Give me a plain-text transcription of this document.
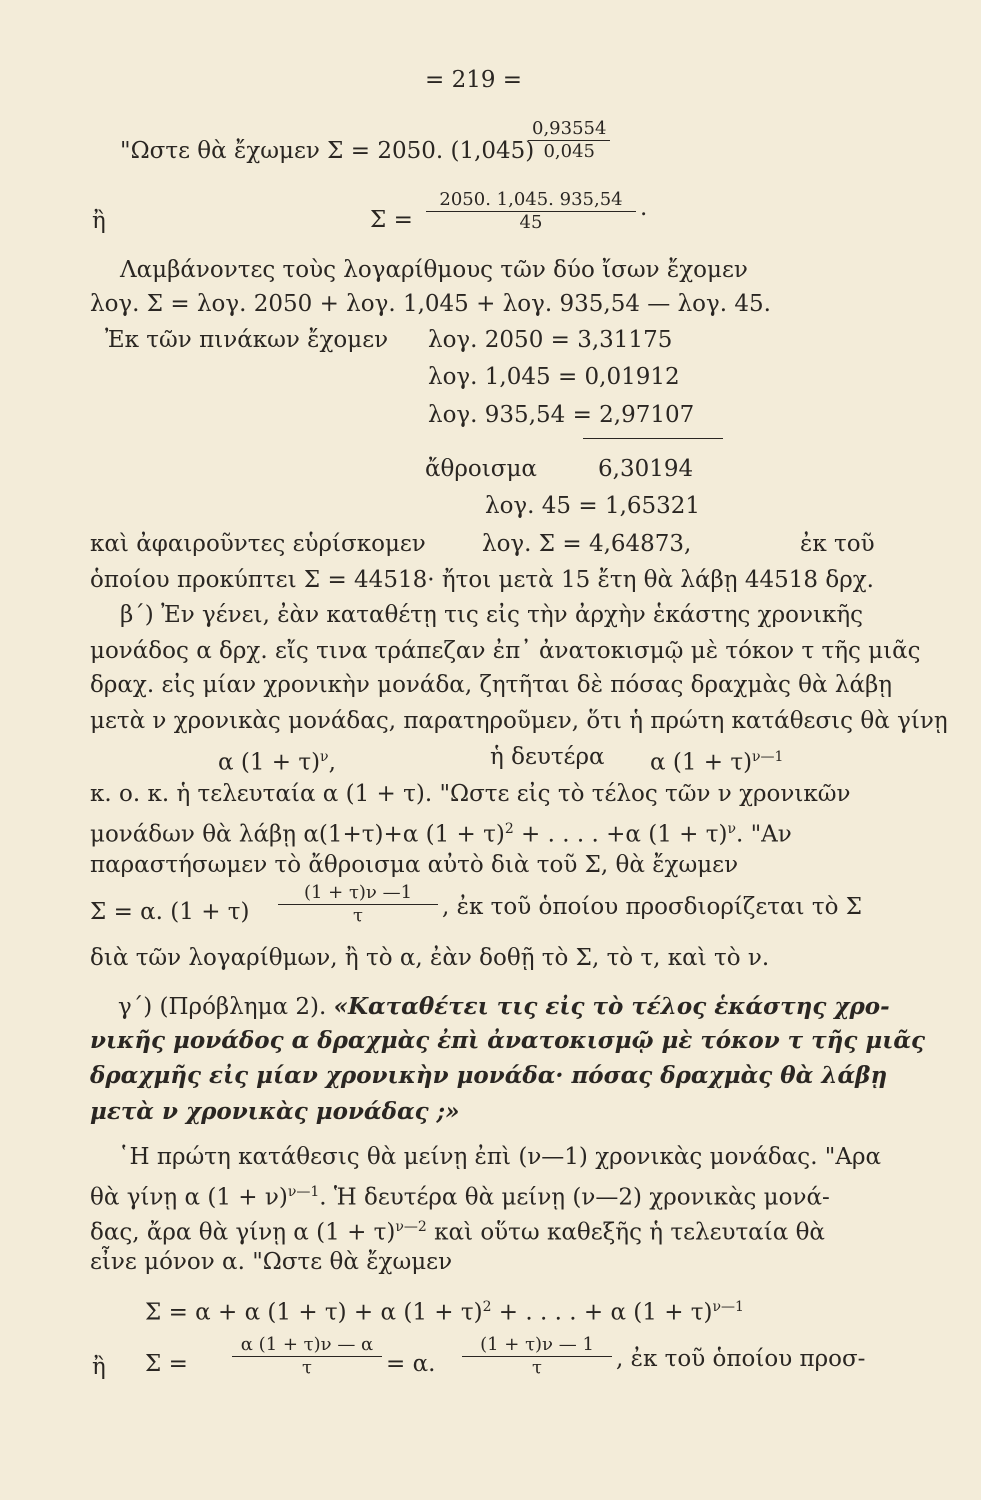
= 219 =
"Ωστε θὰ ἔχωμεν Σ = 2050. (1,045)
$\frac{0,93554}{0,045}$
ἢ	$\Sigma = \frac{2050. 1,045. 935,54}{45}$ .
Λαμβάνοντες τοὺς λογαρίθμους τῶν δύο ἴσων ἔχομεν
λογ. Σ = λογ. 2050 + λογ. 1,045 + λογ. 935,54 — λογ. 45.
Ἐκ τῶν πινάκων ἔχομεν λογ. 2050 = 3,31175
λογ. 1,045 = 0,01912
λογ. 935,54 = 2,97107
ἄθροισμα	6,30194
λογ. 45 = 1,65321
καὶ ἀφαιροῦντες εὑρίσκομεν λογ. Σ = 4,64873,	ἐκ τοῦ
ὁποίου προκύπτει Σ = 44518· ἤτοι μετὰ 15 ἔτη θὰ λάβῃ 44518 δρχ.
β΄) Ἐν γένει, ἐὰν καταθέτῃ τις εἰς τὴν ἀρχὴν ἑκάστης χρονικῆς
μονάδος α δρχ. εἴς τινα τράπεζαν ἐπ᾿ ἀνατοκισμῷ μὲ τόκον τ τῆς μιᾶς
δραχ. εἰς μίαν χρονικὴν μονάδα, ζητῆται δὲ πόσας δραχμὰς θὰ λάβῃ
μετὰ ν χρονικὰς μονάδας, παρατηροῦμεν, ὅτι ἡ πρώτη κατάθεσις θὰ γίνῃ
α $(1 + \tau)^\nu$,	ἡ δευτέρα α $(1 + \tau)^{\nu—1}$
κ. ο. κ. ἡ τελευταία α (1 + τ). "Ωστε εἰς τὸ τέλος τῶν ν χρονικῶν
μονάδων θὰ λάβῃ α(1+τ)+α $(1 + \tau)^2$ + . . . . +α $(1 + \tau)^\nu$. "Αν
παραστήσωμεν τὸ ἄθροισμα αὐτὸ διὰ τοῦ Σ, θὰ ἔχωμεν
Σ = α. $(1 + \tau) \frac{(1 + \tau)\nu —1}{\tau}$ , ἐκ τοῦ ὁποίου προσδιορίζεται τὸ Σ
διὰ τῶν λογαρίθμων, ἢ τὸ α, ἐὰν δοθῇ τὸ Σ, τὸ τ, καὶ τὸ ν.
γ΄) (Πρόβλημα 2). «Καταθέτει τις εἰς τὸ τέλος ἑκάστης χρο-
νικῆς μονάδος α δραχμὰς ἐπὶ ἀνατοκισμῷ μὲ τόκον τ τῆς μιᾶς
δραχμῆς εἰς μίαν χρονικὴν μονάδα· πόσας δραχμὰς θὰ λάβῃ
μετὰ ν χρονικὰς μονάδας ;»
῾Η πρώτη κατάθεσις θὰ μείνῃ ἐπὶ (ν—1) χρονικὰς μονάδας. "Αρα
θὰ γίνῃ α $(1 + \nu)^{\nu—1}$. Ἡ δευτέρα θὰ μείνῃ (ν—2) χρονικὰς μονά-
δας, ἄρα θὰ γίνῃ α $(1 + \tau)^{\nu—2}$ καὶ οὕτω καθεξῆς ἡ τελευταία θὰ
εἶνε μόνον α. "Ωστε θὰ ἔχωμεν
Σ = α + α (1 + τ) + α $(1 + \tau)^2$ + . . . . + α $(1 + \tau)^{\nu—1}$
ἢ $\Sigma = \frac{\alpha (1 + \tau)\nu — \alpha}{\tau} = \alpha$. $\frac{(1 + \tau)\nu — 1}{\tau}$ , ἐκ τοῦ ὁποίου προσ-
